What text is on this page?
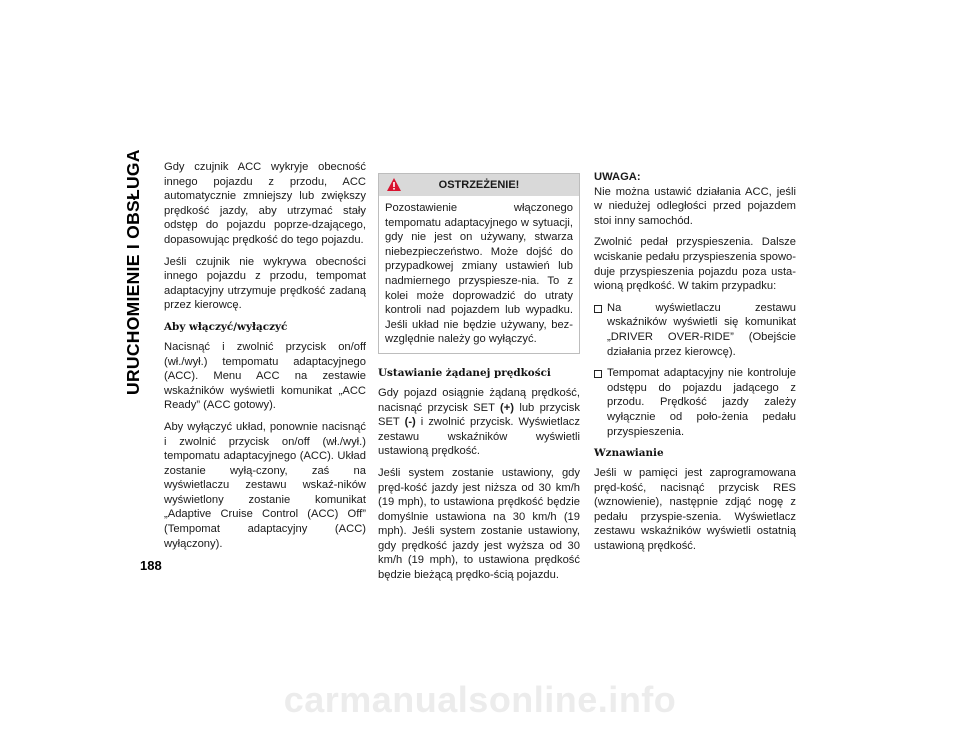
URUCHOMIENIE I OBSŁUGA
188

Gdy czujnik ACC wykryje obecność innego pojazdu z przodu, ACC automatycznie zmniejszy lub zwiększy prędkość jazdy, aby utrzymać stały odstęp do pojazdu poprze-dzającego, dopasowując prędkość do tego pojazdu.

Jeśli czujnik nie wykrywa obecności innego pojazdu z przodu, tempomat adaptacyjny utrzymuje prędkość zadaną przez kierowcę.

Aby włączyć/wyłączyć

Nacisnąć i zwolnić przycisk on/off (wł./wył.) tempomatu adaptacyjnego (ACC). Menu ACC na zestawie wskaźników wyświetli komunikat „ACC Ready” (ACC gotowy).

Aby wyłączyć układ, ponownie nacisnąć i zwolnić przycisk on/off (wł./wył.) tempomatu adaptacyjnego (ACC). Układ zostanie wyłą-czony, zaś na wyświetlaczu zestawu wskaź-ników wyświetlony zostanie komunikat „Adaptive Cruise Control (ACC) Off” (Tempomat adaptacyjny (ACC) wyłączony).

OSTRZEŻENIE!

Pozostawienie włączonego tempomatu adaptacyjnego w sytuacji, gdy nie jest on używany, stwarza niebezpieczeństwo. Może dojść do przypadkowej zmiany ustawień lub nadmiernego przyspiesze-nia. To z kolei może doprowadzić do utraty kontroli nad pojazdem lub wypadku. Jeśli układ nie będzie używany, bez-względnie należy go wyłączyć.

Ustawianie żądanej prędkości

Gdy pojazd osiągnie żądaną prędkość, nacisnąć przycisk SET (+) lub przycisk SET (-) i zwolnić przycisk. Wyświetlacz zestawu wskaźników wyświetli ustawioną prędkość.

Jeśli system zostanie ustawiony, gdy pręd-kość jazdy jest niższa od 30 km/h (19 mph), to ustawiona prędkość będzie domyślnie ustawiona na 30 km/h (19 mph). Jeśli system zostanie ustawiony, gdy prędkość jazdy jest wyższa od 30 km/h (19 mph), to ustawiona prędkość będzie bieżącą prędko-ścią pojazdu.

UWAGA:

Nie można ustawić działania ACC, jeśli w niedużej odległości przed pojazdem stoi inny samochód.

Zwolnić pedał przyspieszenia. Dalsze wciskanie pedału przyspieszenia spowo-duje przyspieszenia pojazdu poza usta-wioną prędkość. W takim przypadku:

Na wyświetlaczu zestawu wskaźników wyświetli się komunikat „DRIVER OVER-RIDE” (Obejście działania przez kierowcę).
Tempomat adaptacyjny nie kontroluje odstępu do pojazdu jadącego z przodu. Prędkość jazdy zależy wyłącznie od poło-żenia pedału przyspieszenia.
Wznawianie

Jeśli w pamięci jest zaprogramowana pręd-kość, nacisnąć przycisk RES (wznowienie), następnie zdjąć nogę z pedału przyspie-szenia. Wyświetlacz zestawu wskaźników wyświetli ostatnią ustawioną prędkość.

carmanualsonline.info
